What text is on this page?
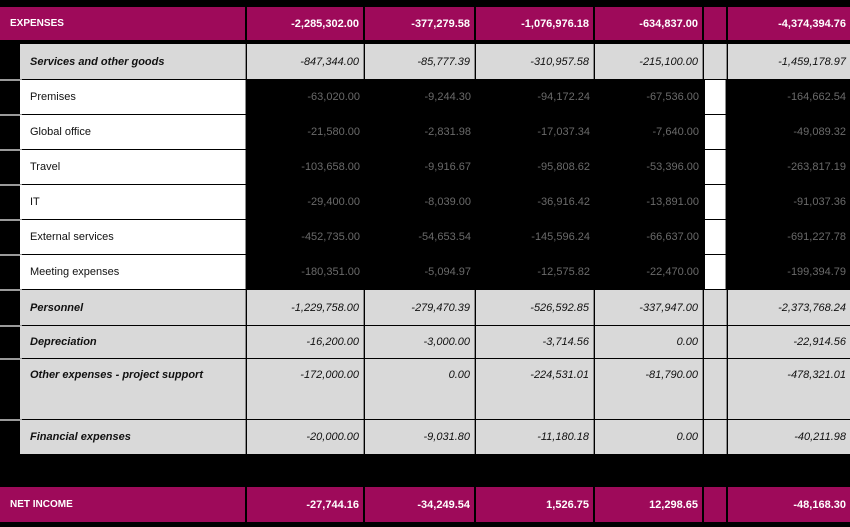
EXPENSES	-2,285,302.00	-377,279.58	-1,076,976.18	-634,837.00	-4,374,394.76
Services and other goods	-847,344.00	-85,777.39	-310,957.58	-215,100.00	-1,459,178.97
Premises	-63,020.00	-9,244.30	-94,172.24	-67,536.00	-164,662.54
Global office	-21,580.00	-2,831.98	-17,037.34	-7,640.00	-49,089.32
Travel	-103,658.00	-9,916.67	-95,808.62	-53,396.00	-263,817.19
IT	-29,400.00	-8,039.00	-36,916.42	-13,891.00	-91,037.36
External services	-452,735.00	-54,653.54	-145,596.24	-66,637.00	-691,227.78
Meeting expenses	-180,351.00	-5,094.97	-12,575.82	-22,470.00	-199,394.79
Personnel	-1,229,758.00	-279,470.39	-526,592.85	-337,947.00	-2,373,768.24
Depreciation	-16,200.00	-3,000.00	-3,714.56	0.00	-22,914.56
Other expenses - project support	-172,000.00	0.00	-224,531.01	-81,790.00	-478,321.01
Financial expenses	-20,000.00	-9,031.80	-11,180.18	0.00	-40,211.98
NET INCOME	-27,744.16	-34,249.54	1,526.75	12,298.65	-48,168.30
